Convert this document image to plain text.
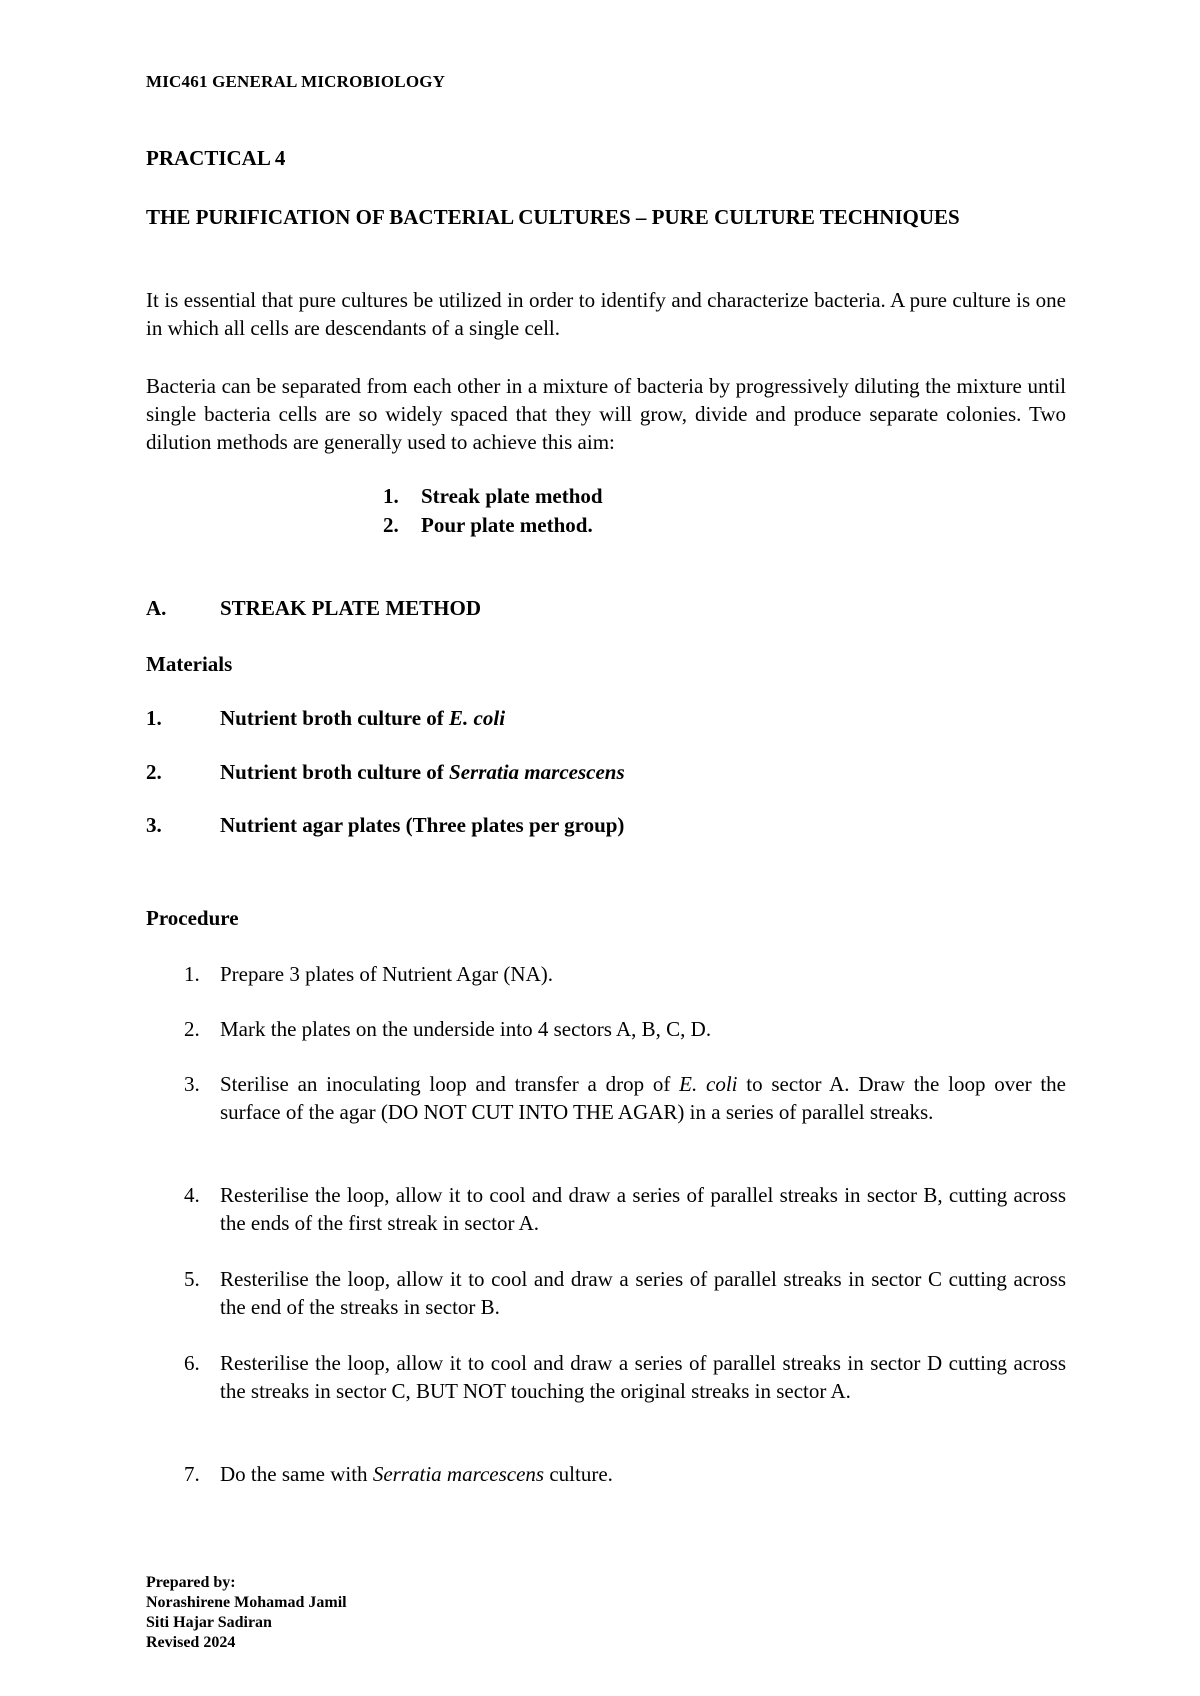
MIC461 GENERAL MICROBIOLOGY
PRACTICAL 4
THE PURIFICATION OF BACTERIAL CULTURES – PURE CULTURE TECHNIQUES
It is essential that pure cultures be utilized in order to identify and characterize bacteria. A pure culture is one in which all cells are descendants of a single cell.
Bacteria can be separated from each other in a mixture of bacteria by progressively diluting the mixture until single bacteria cells are so widely spaced that they will grow, divide and produce separate colonies. Two dilution methods are generally used to achieve this aim:
1.	Streak plate method
2.	Pour plate method.
A.	STREAK PLATE METHOD
Materials
1.	Nutrient broth culture of E. coli
2.	Nutrient broth culture of Serratia marcescens
3.	Nutrient agar plates (Three plates per group)
Procedure
1. Prepare 3 plates of Nutrient Agar (NA).
2. Mark the plates on the underside into 4 sectors A, B, C, D.
3. Sterilise an inoculating loop and transfer a drop of E. coli to sector A. Draw the loop over the surface of the agar (DO NOT CUT INTO THE AGAR) in a series of parallel streaks.
4. Resterilise the loop, allow it to cool and draw a series of parallel streaks in sector B, cutting across the ends of the first streak in sector A.
5. Resterilise the loop, allow it to cool and draw a series of parallel streaks in sector C cutting across the end of the streaks in sector B.
6. Resterilise the loop, allow it to cool and draw a series of parallel streaks in sector D cutting across the streaks in sector C, BUT NOT touching the original streaks in sector A.
7. Do the same with Serratia marcescens culture.
Prepared by:
Norashirene Mohamad Jamil
Siti Hajar Sadiran
Revised 2024
